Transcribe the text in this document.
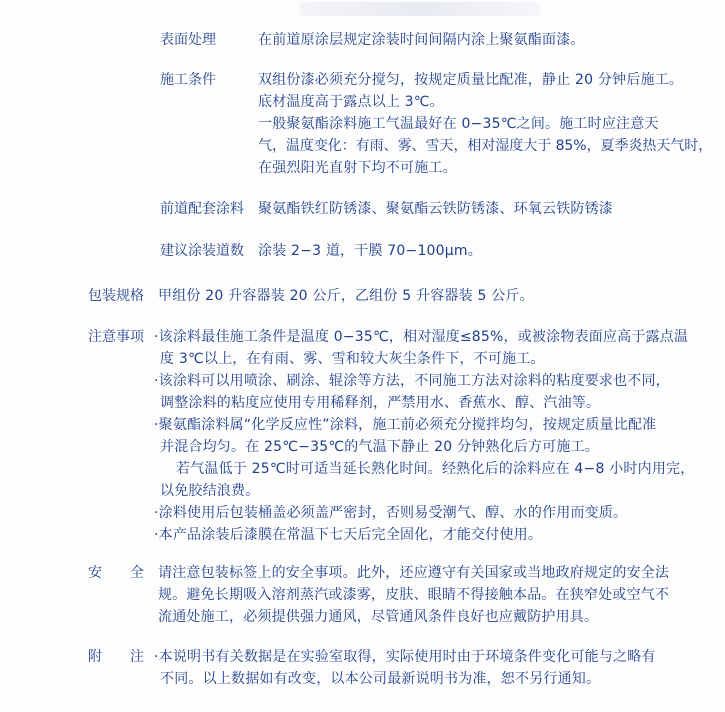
表面处理	在前道原涂层规定涂装时间间隔内涂上聚氨酯面漆。
施工条件	双组份漆必须充分搅匀，按规定质量比配准，静止 20 分钟后施工。
底材温度高于露点以上 3℃。
一般聚氨酯涂料施工气温最好在 0−35℃之间。施工时应注意天
气，温度变化：有雨、雾、雪天，相对湿度大于 85%，夏季炎热天气时，
在强烈阳光直射下均不可施工。
前道配套涂料 聚氨酯铁红防锈漆、聚氨酯云铁防锈漆、环氧云铁防锈漆
建议涂装道数 涂装 2−3 道，干膜 70−100μm。
包装规格 甲组份 20 升容器装 20 公斤，乙组份 5 升容器装 5 公斤。
注意事项 ·该涂料最佳施工条件是温度 0−35℃，相对湿度≤85%，或被涂物表面应高于露点温
度 3℃以上，在有雨、雾、雪和较大灰尘条件下，不可施工。
·该涂料可以用喷涂、刷涂、辊涂等方法，不同施工方法对涂料的粘度要求也不同，
调整涂料的粘度应使用专用稀释剂，严禁用水、香蕉水、醇、汽油等。
·聚氨酯涂料属“化学反应性”涂料，施工前必须充分搅拌均匀，按规定质量比配准
并混合均匀。在 25℃−35℃的气温下静止 20 分钟熟化后方可施工。
若气温低于 25℃时可适当延长熟化时间。经熟化后的涂料应在 4−8 小时内用完，
以免胶结浪费。
·涂料使用后包装桶盖必须盖严密封，否则易受潮气、醇、水的作用而变质。
·本产品涂装后漆膜在常温下七天后完全固化，才能交付使用。
安全
请注意包装标签上的安全事项。此外，还应遵守有关国家或当地政府规定的安全法
规。避免长期吸入溶剂蒸汽或漆雾，皮肤、眼睛不得接触本品。在狭窄处或空气不
流通处施工，必须提供强力通风，尽管通风条件良好也应戴防护用具。
附注
·本说明书有关数据是在实验室取得，实际使用时由于环境条件变化可能与之略有
不同。以上数据如有改变，以本公司最新说明书为准，恕不另行通知。
